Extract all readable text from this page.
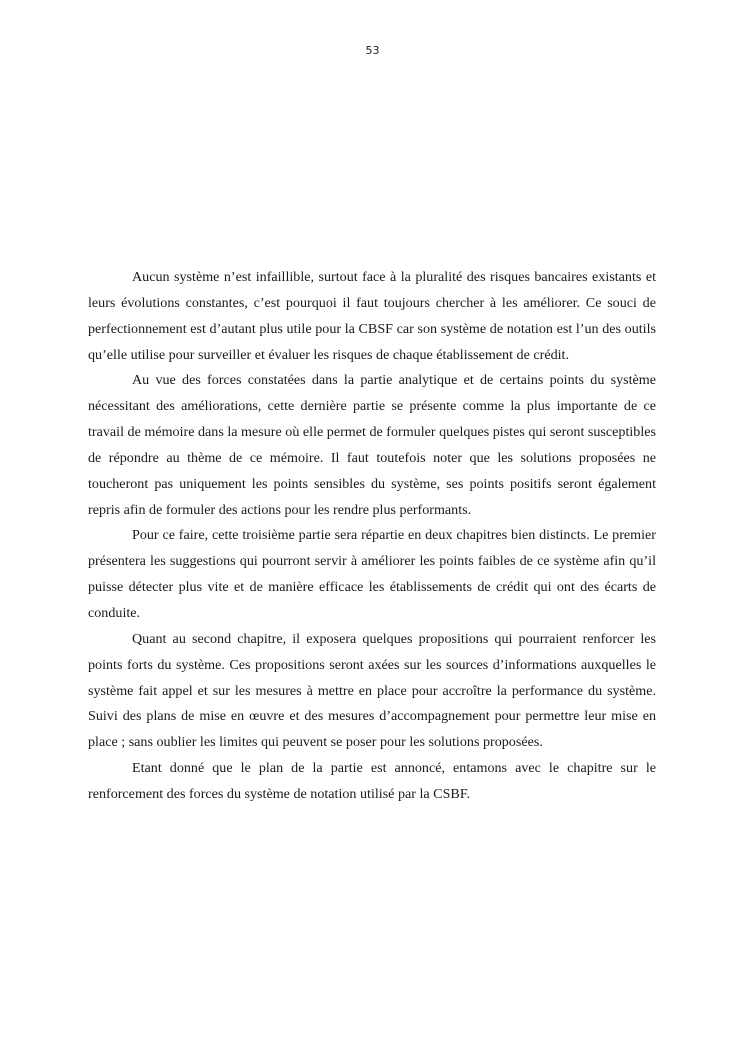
53

Aucun système n’est infaillible, surtout face à la pluralité des risques bancaires existants et leurs évolutions constantes, c’est pourquoi il faut toujours chercher à les améliorer. Ce souci de perfectionnement est d’autant plus utile pour la CBSF car son système de notation est l’un des outils qu’elle utilise pour surveiller et évaluer les risques de chaque établissement de crédit.

Au vue des forces constatées dans la partie analytique et de certains points du système nécessitant des améliorations, cette dernière partie se présente comme la plus importante de ce travail de mémoire dans la mesure où elle permet de formuler quelques pistes qui seront susceptibles de répondre au thème de ce mémoire. Il faut toutefois noter que les solutions proposées ne toucheront pas uniquement les points sensibles du système, ses points positifs seront également repris afin de formuler des actions pour les rendre plus performants.

Pour ce faire, cette troisième partie sera répartie en deux chapitres bien distincts. Le premier présentera les suggestions qui pourront servir à améliorer les points faibles de ce système afin qu’il puisse détecter plus vite et de manière efficace les établissements de crédit qui ont des écarts de conduite.

Quant au second chapitre, il exposera quelques propositions qui pourraient renforcer les points forts du système. Ces propositions seront axées sur les sources d’informations auxquelles le système fait appel et sur les mesures à mettre en place pour accroître la performance du système. Suivi des plans de mise en œuvre et des mesures d’accompagnement pour permettre leur mise en place ; sans oublier les limites qui peuvent se poser pour les solutions proposées.

Etant donné que le plan de la partie est annoncé, entamons avec le chapitre sur le renforcement des forces du système de notation utilisé par la CSBF.
